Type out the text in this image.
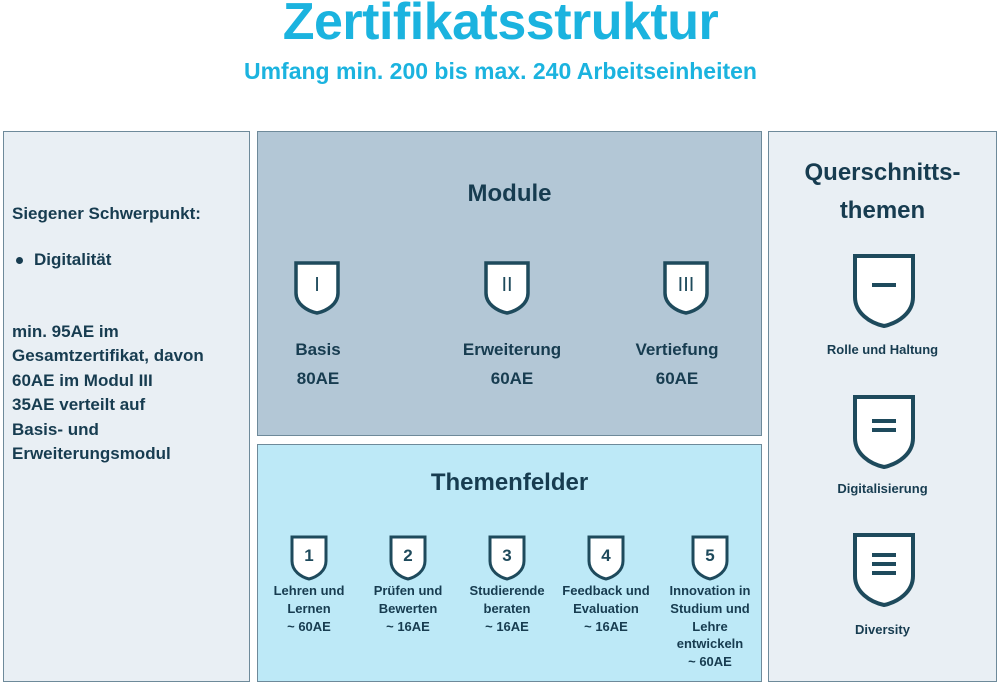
Zertifikatsstruktur
Umfang min. 200 bis max. 240 Arbeitseinheiten
Siegener Schwerpunkt:
Digitalität
min. 95AE im
Gesamtzertifikat, davon
60AE im Modul III
35AE verteilt auf
Basis- und
Erweiterungsmodul
Module
I	II	III
Basis
80AE
Erweiterung
60AE
Vertiefung
60AE
Themenfelder
1	2	3	4	5
Lehren und
Lernen
~ 60AE
Prüfen und
Bewerten
~ 16AE
Studierende
beraten
~ 16AE
Feedback und
Evaluation
~ 16AE
Innovation in
Studium und
Lehre
entwickeln
~ 60AE
Querschnitts-
themen
Rolle und Haltung
Digitalisierung
Diversity
